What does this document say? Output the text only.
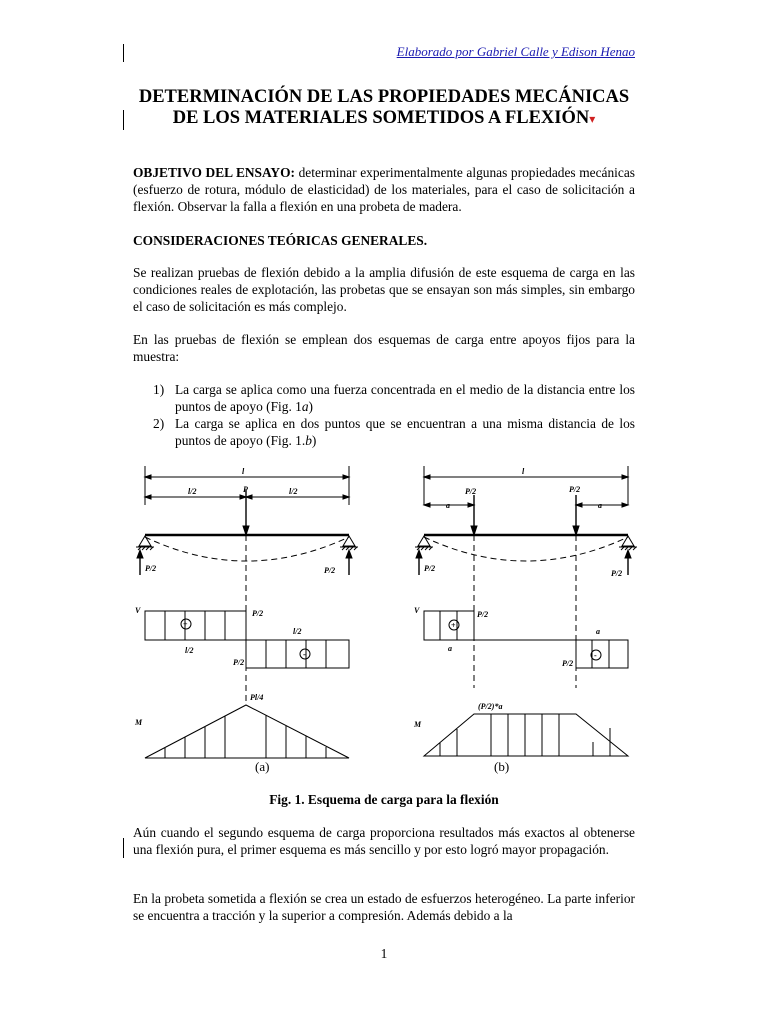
Elaborado por Gabriel Calle y Edison Henao
DETERMINACIÓN DE LAS PROPIEDADES MECÁNICAS
DE LOS MATERIALES SOMETIDOS A FLEXIÓN▾
OBJETIVO DEL ENSAYO: determinar experimentalmente algunas propiedades mecánicas (esfuerzo de rotura, módulo de elasticidad) de los materiales, para el caso de solicitación a flexión. Observar la falla a flexión en una probeta de madera.
CONSIDERACIONES TEÓRICAS GENERALES.
Se realizan pruebas de flexión debido a la amplia difusión de este esquema de carga en las condiciones reales de explotación, las probetas que se ensayan son más simples, sin embargo el caso de solicitación es más complejo.
En las pruebas de flexión se emplean dos esquemas de carga entre apoyos fijos para la muestra:
1) La carga se aplica como una fuerza concentrada en el medio de la distancia entre los puntos de apoyo (Fig. 1a)
2) La carga se aplica en dos puntos que se encuentran a una misma distancia de los puntos de apoyo (Fig. 1.b)
l
l/2	l/2
P
P/2	P/2
V	P/2
l/2
l/2
P/2
+
-
M
Pl/4
l
a	a
P/2	P/2
P/2
P/2
V	P/2
a
a
P/2
+
-
M
(P/2)*a
(a)	(b)
Fig. 1. Esquema de carga para la flexión
Aún cuando el segundo esquema de carga proporciona resultados más exactos al obtenerse una flexión pura, el primer esquema es más sencillo y por esto logró mayor propagación.
En la probeta sometida a flexión se crea un estado de esfuerzos heterogéneo. La parte inferior se encuentra a tracción y la superior a compresión. Además debido a la
1
